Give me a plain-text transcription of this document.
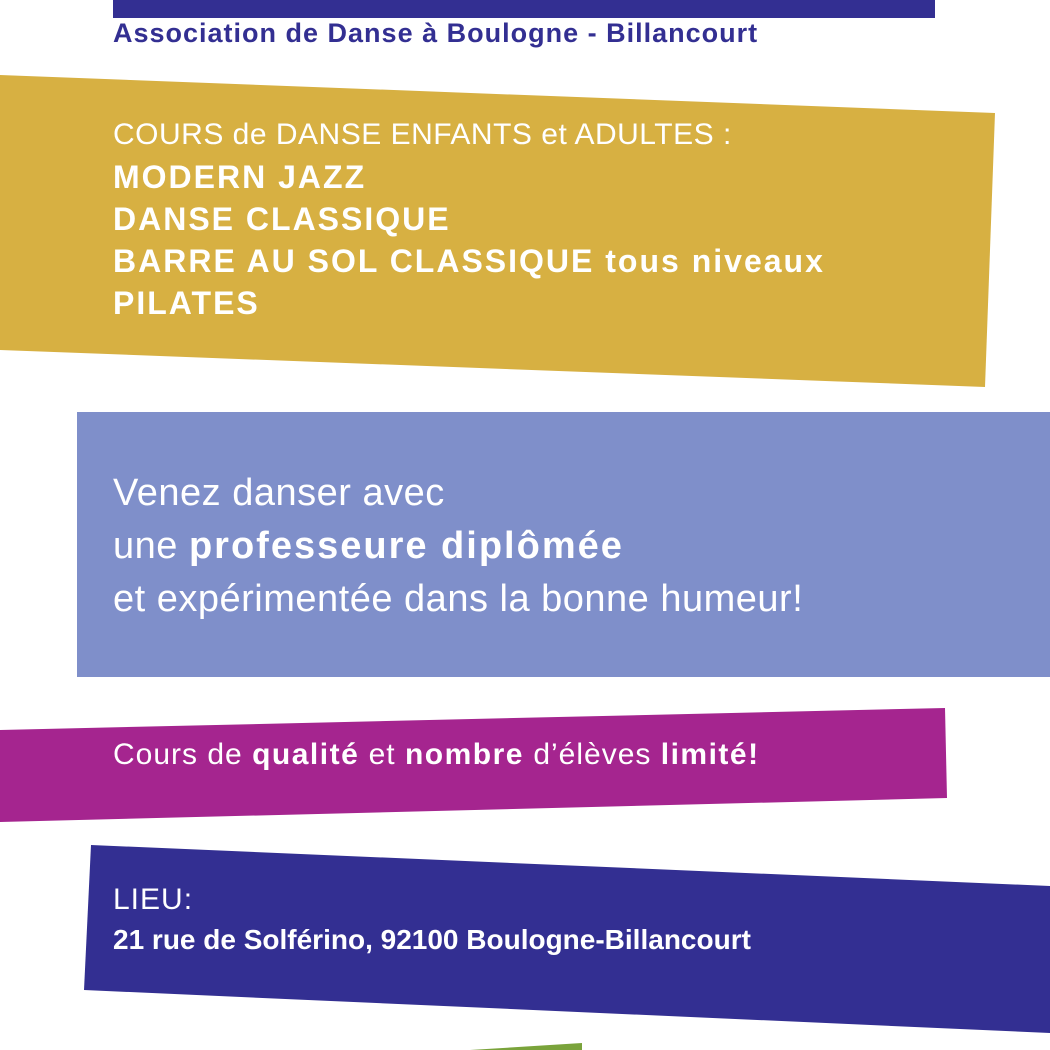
Association de Danse à Boulogne - Billancourt
COURS de DANSE ENFANTS et ADULTES :
MODERN JAZZ
DANSE CLASSIQUE
BARRE AU SOL CLASSIQUE tous niveaux
PILATES
Venez danser avec
une professeure diplômée
et expérimentée dans la bonne humeur!
Cours de qualité et nombre d’élèves limité!
LIEU:
21 rue de Solférino, 92100 Boulogne-Billancourt
